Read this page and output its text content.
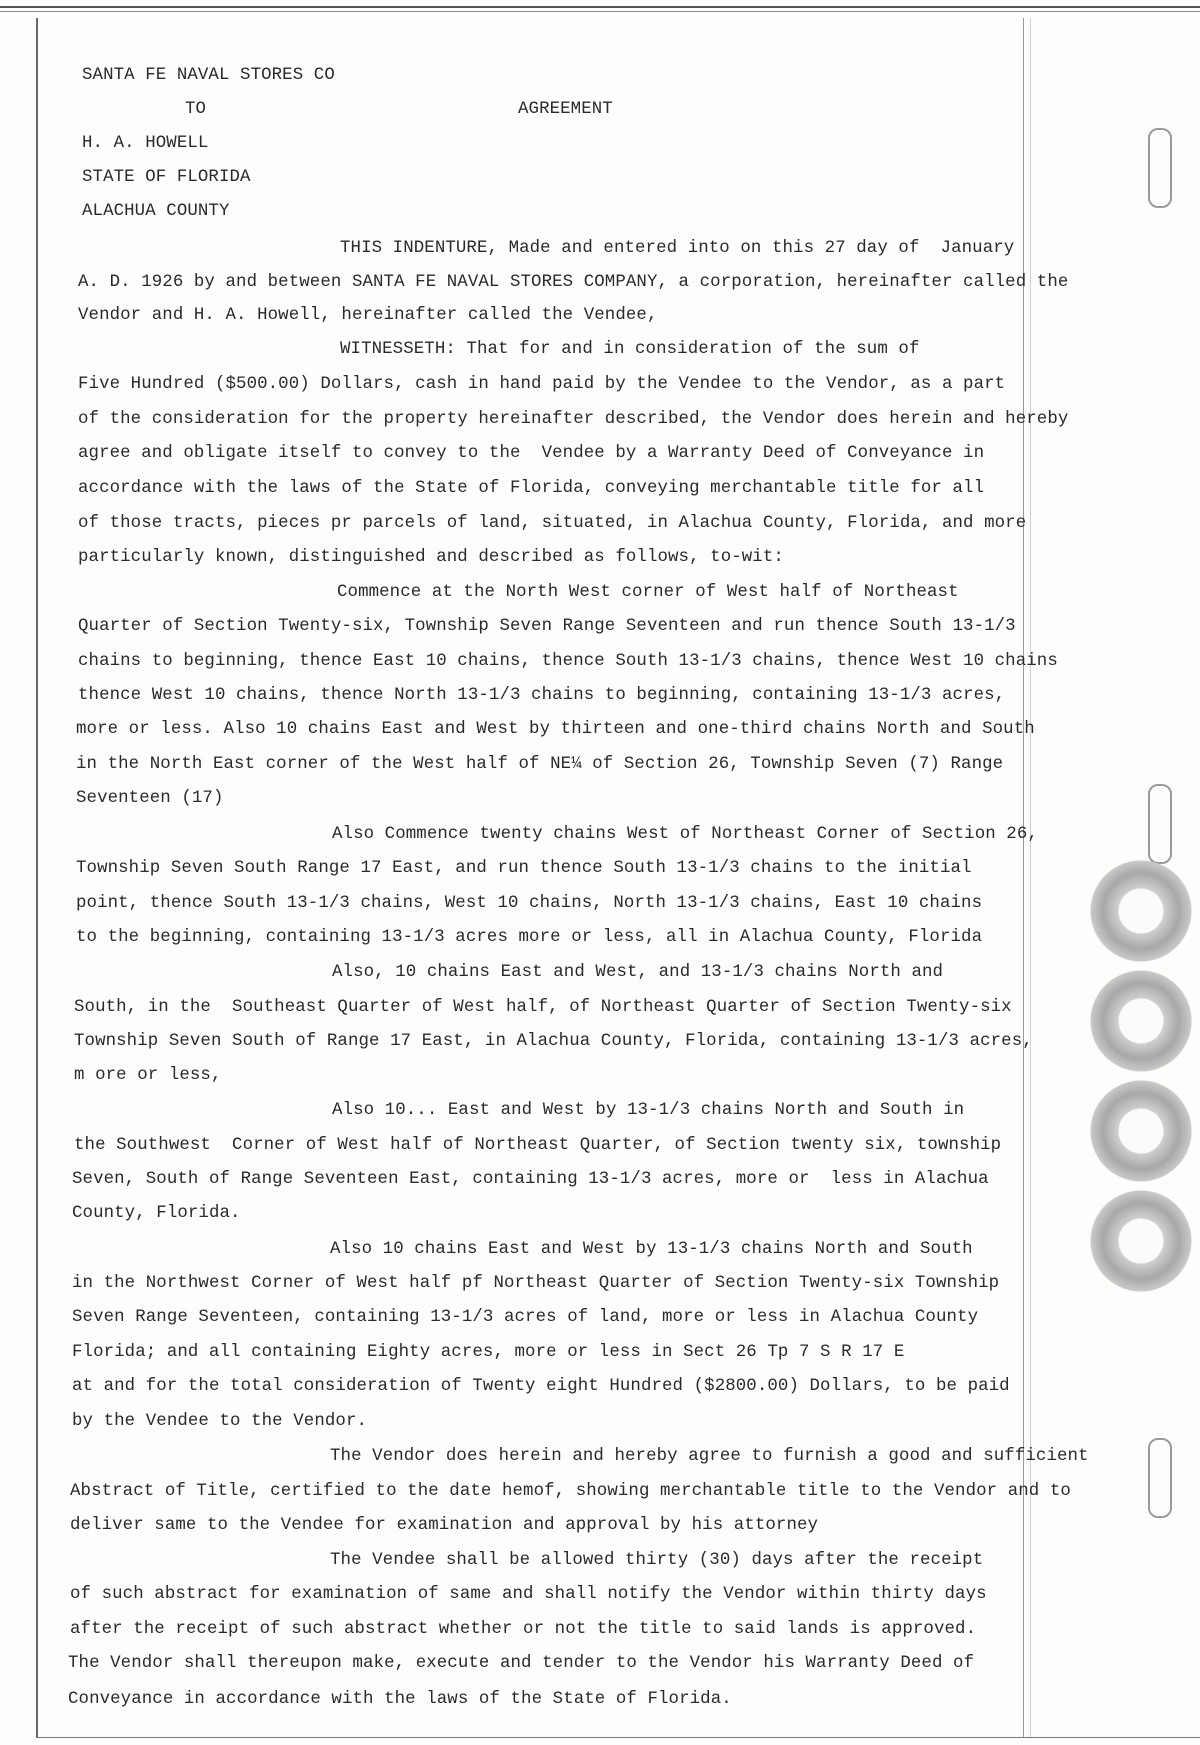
SANTA FE NAVAL STORES CO
TO	AGREEMENT
H. A. HOWELL
STATE OF FLORIDA
ALACHUA COUNTY
THIS INDENTURE, Made and entered into on this 27 day of  January
A. D. 1926 by and between SANTA FE NAVAL STORES COMPANY, a corporation, hereinafter called the
Vendor and H. A. Howell, hereinafter called the Vendee,
WITNESSETH: That for and in consideration of the sum of
Five Hundred ($500.00) Dollars, cash in hand paid by the Vendee to the Vendor, as a part
of the consideration for the property hereinafter described, the Vendor does herein and hereby
agree and obligate itself to convey to the  Vendee by a Warranty Deed of Conveyance in
accordance with the laws of the State of Florida, conveying merchantable title for all
of those tracts, pieces pr parcels of land, situated, in Alachua County, Florida, and more
particularly known, distinguished and described as follows, to-wit:
Commence at the North West corner of West half of Northeast
Quarter of Section Twenty-six, Township Seven Range Seventeen and run thence South 13-1/3
chains to beginning, thence East 10 chains, thence South 13-1/3 chains, thence West 10 chains
thence West 10 chains, thence North 13-1/3 chains to beginning, containing 13-1/3 acres,
more or less. Also 10 chains East and West by thirteen and one-third chains North and South
in the North East corner of the West half of NE¼ of Section 26, Township Seven (7) Range
Seventeen (17)
Also Commence twenty chains West of Northeast Corner of Section 26,
Township Seven South Range 17 East, and run thence South 13-1/3 chains to the initial
point, thence South 13-1/3 chains, West 10 chains, North 13-1/3 chains, East 10 chains
to the beginning, containing 13-1/3 acres more or less, all in Alachua County, Florida
Also, 10 chains East and West, and 13-1/3 chains North and
South, in the  Southeast Quarter of West half, of Northeast Quarter of Section Twenty-six
Township Seven South of Range 17 East, in Alachua County, Florida, containing 13-1/3 acres,
m ore or less,
Also 10... East and West by 13-1/3 chains North and South in
the Southwest  Corner of West half of Northeast Quarter, of Section twenty six, township
Seven, South of Range Seventeen East, containing 13-1/3 acres, more or  less in Alachua
County, Florida.
Also 10 chains East and West by 13-1/3 chains North and South
in the Northwest Corner of West half pf Northeast Quarter of Section Twenty-six Township
Seven Range Seventeen, containing 13-1/3 acres of land, more or less in Alachua County
Florida; and all containing Eighty acres, more or less in Sect 26 Tp 7 S R 17 E
at and for the total consideration of Twenty eight Hundred ($2800.00) Dollars, to be paid
by the Vendee to the Vendor.
The Vendor does herein and hereby agree to furnish a good and sufficient
Abstract of Title, certified to the date hemof, showing merchantable title to the Vendor and to
deliver same to the Vendee for examination and approval by his attorney
The Vendee shall be allowed thirty (30) days after the receipt
of such abstract for examination of same and shall notify the Vendor within thirty days
after the receipt of such abstract whether or not the title to said lands is approved.
The Vendor shall thereupon make, execute and tender to the Vendor his Warranty Deed of
Conveyance in accordance with the laws of the State of Florida.
